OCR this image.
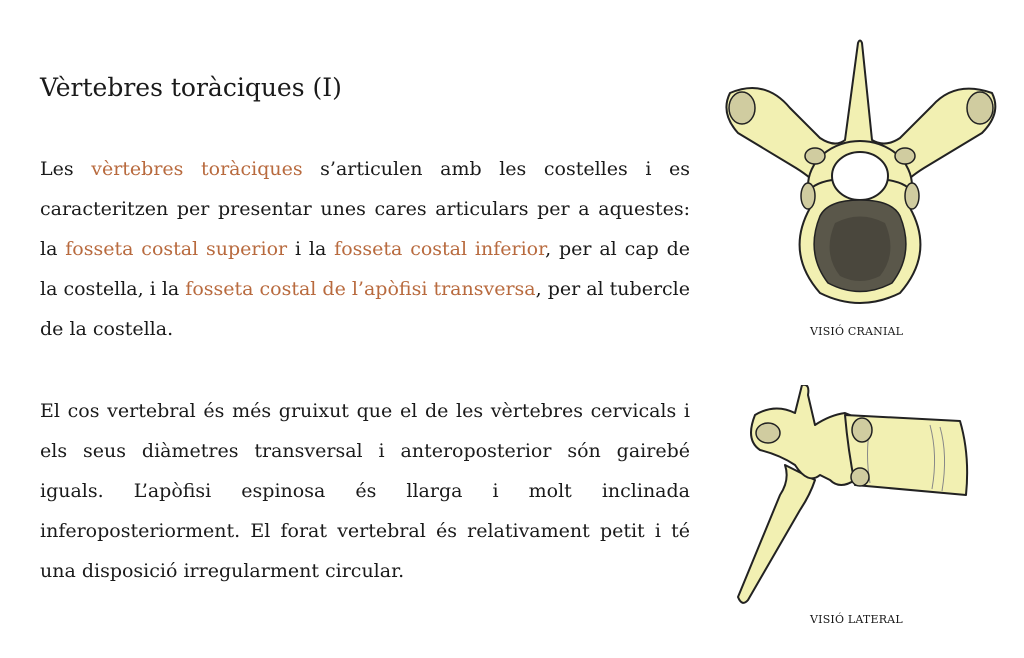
Vèrtebres toràciques (I)

Les vèrtebres toràciques s’articulen amb les costelles i es caracteritzen per presentar unes cares articulars per a aquestes: la fosseta costal superior i la fosseta costal inferior, per al cap de la costella, i la fosseta costal de l’apòfisi transversa, per al tubercle de la costella.

El cos vertebral és més gruixut que el de les vèrtebres cervicals i els seus diàmetres transversal i anteroposterior són gairebé iguals. L’apòfisi espinosa és llarga i molt inclinada inferoposteriorment. El forat vertebral és relativament petit i té una disposició irregularment circular.

VISIÓ CRANIAL
VISIÓ LATERAL
